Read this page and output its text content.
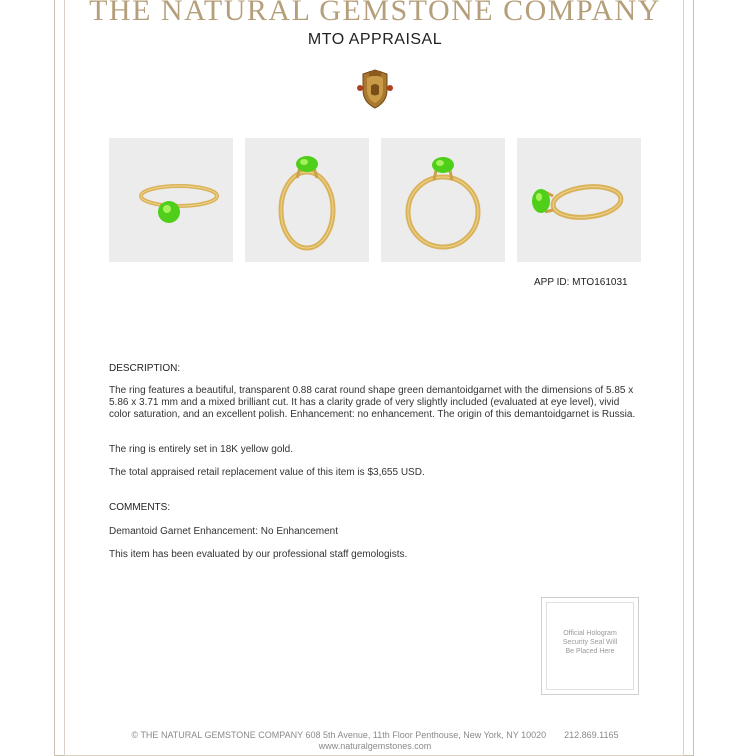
THE NATURAL GEMSTONE COMPANY
MTO APPRAISAL
APP ID: MTO161031
DESCRIPTION:
The ring features a beautiful, transparent 0.88 carat round shape green demantoidgarnet with the dimensions of 5.85 x 5.86 x 3.71 mm and a mixed brilliant cut. It has a clarity grade of very slightly included (evaluated at eye level), vivid color saturation, and an excellent polish. Enhancement: no enhancement. The origin of this demantoidgarnet is Russia.
The ring is entirely set in 18K yellow gold.
The total appraised retail replacement value of this item is $3,655 USD.
COMMENTS:
Demantoid Garnet Enhancement: No Enhancement
This item has been evaluated by our professional staff gemologists.
Official Hologram
Security Seal Will
Be Placed Here
© THE NATURAL GEMSTONE COMPANY 608 5th Avenue, 11th Floor Penthouse, New York, NY 10020 212.869.1165
www.naturalgemstones.com
